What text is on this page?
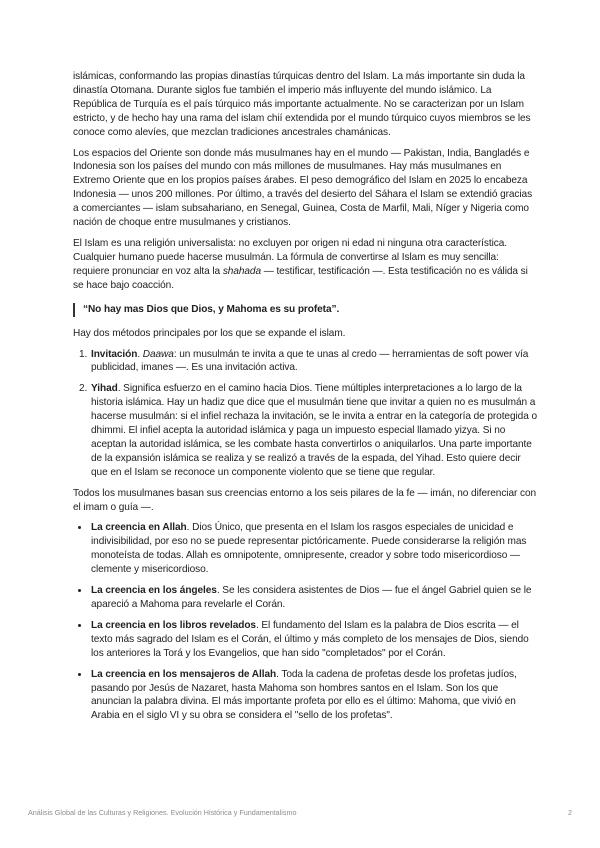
islámicas, conformando las propias dinastías túrquicas dentro del Islam. La más importante sin duda la dinastía Otomana. Durante siglos fue también el imperio más influyente del mundo islámico. La República de Turquía es el país túrquico más importante actualmente. No se caracterizan por un Islam estricto, y de hecho hay una rama del islam chií extendida por el mundo túrquico cuyos miembros se les conoce como alevíes, que mezclan tradiciones ancestrales chamánicas.

Los espacios del Oriente son donde más musulmanes hay en el mundo — Pakistan, India, Bangladés e Indonesia son los países del mundo con más millones de musulmanes. Hay más musulmanes en Extremo Oriente que en los propios países árabes. El peso demográfico del Islam en 2025 lo encabeza Indonesia — unos 200 millones. Por último, a través del desierto del Sáhara el Islam se extendió gracias a comerciantes — islam subsahariano, en Senegal, Guinea, Costa de Marfil, Mali, Níger y Nigeria como nación de choque entre musulmanes y cristianos.

El Islam es una religión universalista: no excluyen por origen ni edad ni ninguna otra característica. Cualquier humano puede hacerse musulmán. La fórmula de convertirse al Islam es muy sencilla: requiere pronunciar en voz alta la shahada — testificar, testificación —. Esta testificación no es válida si se hace bajo coacción.

“No hay mas Dios que Dios, y Mahoma es su profeta”.

Hay dos métodos principales por los que se expande el islam.

1. Invitación. Daawa: un musulmán te invita a que te unas al credo — herramientas de soft power vía publicidad, imanes —. Es una invitación activa.
2. Yihad. Significa esfuerzo en el camino hacia Dios. Tiene múltiples interpretaciones a lo largo de la historia islámica. Hay un hadiz que dice que el musulmán tiene que invitar a quien no es musulmán a hacerse musulmán: si el infiel rechaza la invitación, se le invita a entrar en la categoría de protegida o dhimmi. El infiel acepta la autoridad islámica y paga un impuesto especial llamado yizya. Si no aceptan la autoridad islámica, se les combate hasta convertirlos o aniquilarlos. Una parte importante de la expansión islámica se realiza y se realizó a través de la espada, del Yihad. Esto quiere decir que en el Islam se reconoce un componente violento que se tiene que regular.

Todos los musulmanes basan sus creencias entorno a los seis pilares de la fe — imán, no diferenciar con el imam o guía —.

• La creencia en Allah. Dios Único, que presenta en el Islam los rasgos especiales de unicidad e indivisibilidad, por eso no se puede representar pictóricamente. Puede considerarse la religión mas monoteísta de todas. Allah es omnipotente, omnipresente, creador y sobre todo misericordioso — clemente y misericordioso.
• La creencia en los ángeles. Se les considera asistentes de Dios — fue el ángel Gabriel quien se le apareció a Mahoma para revelarle el Corán.
• La creencia en los libros revelados. El fundamento del Islam es la palabra de Dios escrita — el texto más sagrado del Islam es el Corán, el último y más completo de los mensajes de Dios, siendo los anteriores la Torá y los Evangelios, que han sido "completados" por el Corán.
• La creencia en los mensajeros de Allah. Toda la cadena de profetas desde los profetas judíos, pasando por Jesús de Nazaret, hasta Mahoma son hombres santos en el Islam. Son los que anuncian la palabra divina. El más importante profeta por ello es el último: Mahoma, que vivió en Arabia en el siglo VI y su obra se considera el "sello de los profetas".
Análisis Global de las Culturas y Religiones. Evolución Histórica y Fundamentalismo	2
